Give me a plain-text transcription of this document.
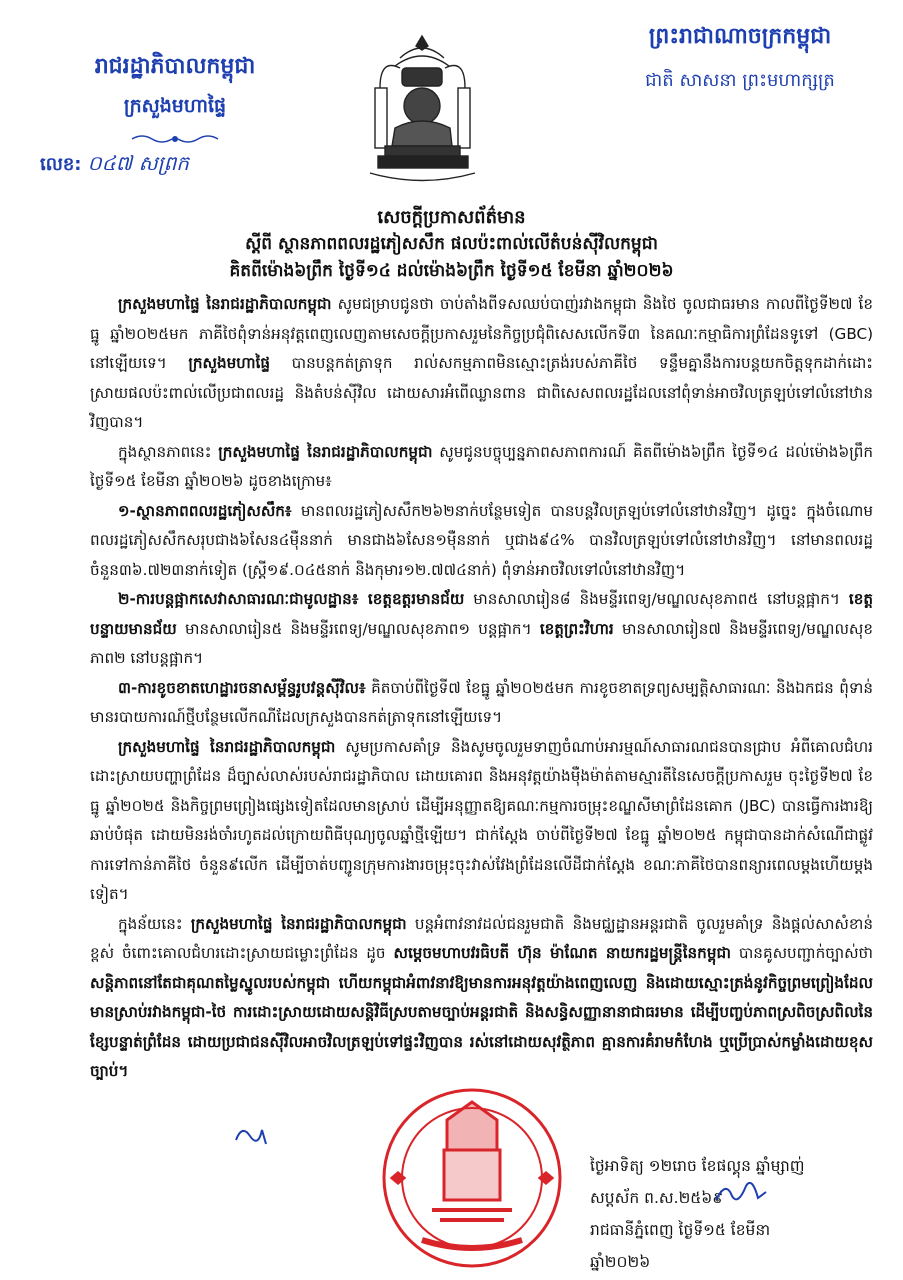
រាជរដ្ឋាភិបាលកម្ពុជា
ក្រសួងមហាផ្ទៃ
លេខ: ០៤៧ សព្រក
ព្រះរាជាណាចក្រកម្ពុជា
ជាតិ សាសនា ព្រះមហាក្សត្រ
សេចក្តីប្រកាសព័ត៌មាន
ស្តីពី ស្ថានភាពពលរដ្ឋភៀសសឹក ផលប៉ះពាល់លើតំបន់ស៊ីវិលកម្ពុជា
គិតពីម៉ោង៦ព្រឹក ថ្ងៃទី១៤ ដល់ម៉ោង៦ព្រឹក ថ្ងៃទី១៥ ខែមីនា ឆ្នាំ២០២៦

ក្រសួងមហាផ្ទៃ នៃរាជរដ្ឋាភិបាលកម្ពុជា សូមជម្រាបជូនថា ចាប់តាំងពីទសឈប់បាញ់រវាងកម្ពុជា និងថៃ ចូលជាធរមាន កាលពីថ្ងៃទី២៧ ខែធ្នូ ឆ្នាំ២០២៥មក ភាគីថៃពុំទាន់អនុវត្តពេញលេញតាមសេចក្តីប្រកាសរួមនៃកិច្ចប្រជុំពិសេសលើកទី៣ នៃគណៈកម្មាធិការព្រំដែនទូទៅ (GBC) នៅឡើយទេ។ ក្រសួងមហាផ្ទៃ បានបន្តកត់ត្រាទុក រាល់សកម្មភាពមិនស្មោះត្រង់របស់ភាគីថៃ ទន្ទឹមគ្នានឹងការបន្តយកចិត្តទុកដាក់ដោះស្រាយផលប៉ះពាល់លើប្រជាពលរដ្ឋ និងតំបន់ស៊ីវិល ដោយសារអំពើឈ្លានពាន ជាពិសេសពលរដ្ឋដែលនៅពុំទាន់អាចវិលត្រឡប់ទៅលំនៅឋានវិញបាន។

ក្នុងស្ថានភាពនេះ ក្រសួងមហាផ្ទៃ នៃរាជរដ្ឋាភិបាលកម្ពុជា សូមជូនបច្ចុប្បន្នភាពសភាពការណ៍ គិតពីម៉ោង៦ព្រឹក ថ្ងៃទី១៤ ដល់ម៉ោង៦ព្រឹក ថ្ងៃទី១៥ ខែមីនា ឆ្នាំ២០២៦ ដូចខាងក្រោម៖

១-ស្ថានភាពពលរដ្ឋភៀសសឹក៖ មានពលរដ្ឋភៀសសឹក២៦២នាក់បន្ថែមទៀត បានបន្តវិលត្រឡប់ទៅលំនៅឋានវិញ។ ដូច្នេះ ក្នុងចំណោមពលរដ្ឋភៀសសឹកសរុបជាង៦សែន៤ម៉ឺននាក់ មានជាង៦សែន១ម៉ឺននាក់ ឬជាង៩៤% បានវិលត្រឡប់ទៅលំនៅឋានវិញ។ នៅមានពលរដ្ឋចំនួន៣៦.៧២៣នាក់ទៀត (ស្ត្រី១៩.០៤៥នាក់ និងកុមារ១២.៧៧៤នាក់) ពុំទាន់អាចវិលទៅលំនៅឋានវិញ។

២-ការបន្តផ្អាកសេវាសាធារណៈជាមូលដ្ឋាន៖ ខេត្តឧត្តរមានជ័យ មានសាលារៀន៨ និងមន្ទីរពេទ្យ/មណ្ឌលសុខភាព៥ នៅបន្តផ្អាក។ ខេត្តបន្ទាយមានជ័យ មានសាលារៀន៥ និងមន្ទីរពេទ្យ/មណ្ឌលសុខភាព១ បន្តផ្អាក។ ខេត្តព្រះវិហារ មានសាលារៀន៧ និងមន្ទីរពេទ្យ/មណ្ឌលសុខភាព២ នៅបន្តផ្អាក។

៣-ការខូចខាតហេដ្ឋារចនាសម្ព័ន្ធរូបវន្តស៊ីវិល៖ គិតចាប់ពីថ្ងៃទី៧ ខែធ្នូ ឆ្នាំ២០២៥មក ការខូចខាតទ្រព្យសម្បត្តិសាធារណៈ និងឯកជន ពុំទាន់មានរបាយការណ៍ថ្មីបន្ថែមលើកណីដែលក្រសួងបានកត់ត្រាទុកនៅឡើយទេ។

ក្រសួងមហាផ្ទៃ នៃរាជរដ្ឋាភិបាលកម្ពុជា សូមប្រកាសគាំទ្រ និងសូមចូលរួមទាញចំណាប់អារម្មណ៍សាធារណជនបានជ្រាប អំពីគោលជំហរដោះស្រាយបញ្ហាព្រំដែន ដ៏ច្បាស់លាស់របស់រាជរដ្ឋាភិបាល ដោយគោរព និងអនុវត្តយ៉ាងម៉ឺងម៉ាត់តាមស្មារតីនៃសេចក្តីប្រកាសរួម ចុះថ្ងៃទី២៧ ខែធ្នូ ឆ្នាំ២០២៥ និងកិច្ចព្រមព្រៀងផ្សេងទៀតដែលមានស្រាប់ ដើម្បីអនុញ្ញាតឱ្យគណៈកម្មការចម្រុះខណ្ឌសីមាព្រំដែនគោក (JBC) បានធ្វើការងារឱ្យឆាប់បំផុត ដោយមិនរង់ចាំរហូតដល់ក្រោយពិធីបុណ្យចូលឆ្នាំថ្មីឡើយ។ ជាក់ស្តែង ចាប់ពីថ្ងៃទី២៧ ខែធ្នូ ឆ្នាំ២០២៥ កម្ពុជាបានដាក់សំណើជាផ្លូវការទៅកាន់ភាគីថៃ ចំនួន៩លើក ដើម្បីចាត់បញ្ជូនក្រុមការងារចម្រុះចុះវាស់វែងព្រំដែនលើដីជាក់ស្តែង ខណៈភាគីថៃបានពន្យារពេលម្តងហើយម្តងទៀត។

ក្នុងន័យនេះ ក្រសួងមហាផ្ទៃ នៃរាជរដ្ឋាភិបាលកម្ពុជា បន្តអំពាវនាវដល់ជនរួមជាតិ និងមជ្ឈដ្ឋានអន្តរជាតិ ចូលរួមគាំទ្រ និងផ្តល់សាសំខាន់ខ្ពស់ ចំពោះគោលជំហរដោះស្រាយជម្លោះព្រំដែន ដូច សម្តេចមហាបវរធិបតី ហ៊ុន ម៉ាណែត នាយករដ្ឋមន្ត្រីនៃកម្ពុជា បានគូសបញ្ជាក់ច្បាស់ថា សន្តិភាពនៅតែជាគុណតម្លៃស្នូលរបស់កម្ពុជា ហើយកម្ពុជាអំពាវនាវឱ្យមានការអនុវត្តយ៉ាងពេញលេញ និងដោយស្មោះត្រង់នូវកិច្ចព្រមព្រៀងដែលមានស្រាប់រវាងកម្ពុជា-ថៃ ការដោះស្រាយដោយសន្តិវិធីស្របតាមច្បាប់អន្តរជាតិ និងសន្ធិសញ្ញានានាជាធរមាន ដើម្បីបញ្ចប់ភាពស្រពិចស្រពិលនៃខ្សែបន្ទាត់ព្រំដែន ដោយប្រជាជនស៊ីវិលអាចវិលត្រឡប់ទៅផ្ទះវិញបាន រស់នៅដោយសុវត្ថិភាព គ្មានការគំរាមកំហែង ឬប្រើប្រាស់កម្លាំងដោយខុសច្បាប់។

ថ្ងៃអាទិត្យ ១២រោច ខែផល្គុន ឆ្នាំម្សាញ់ សប្តស័ក ព.ស.២៥៦៩
រាជធានីភ្នំពេញ ថ្ងៃទី១៥ ខែមីនា ឆ្នាំ២០២៦
